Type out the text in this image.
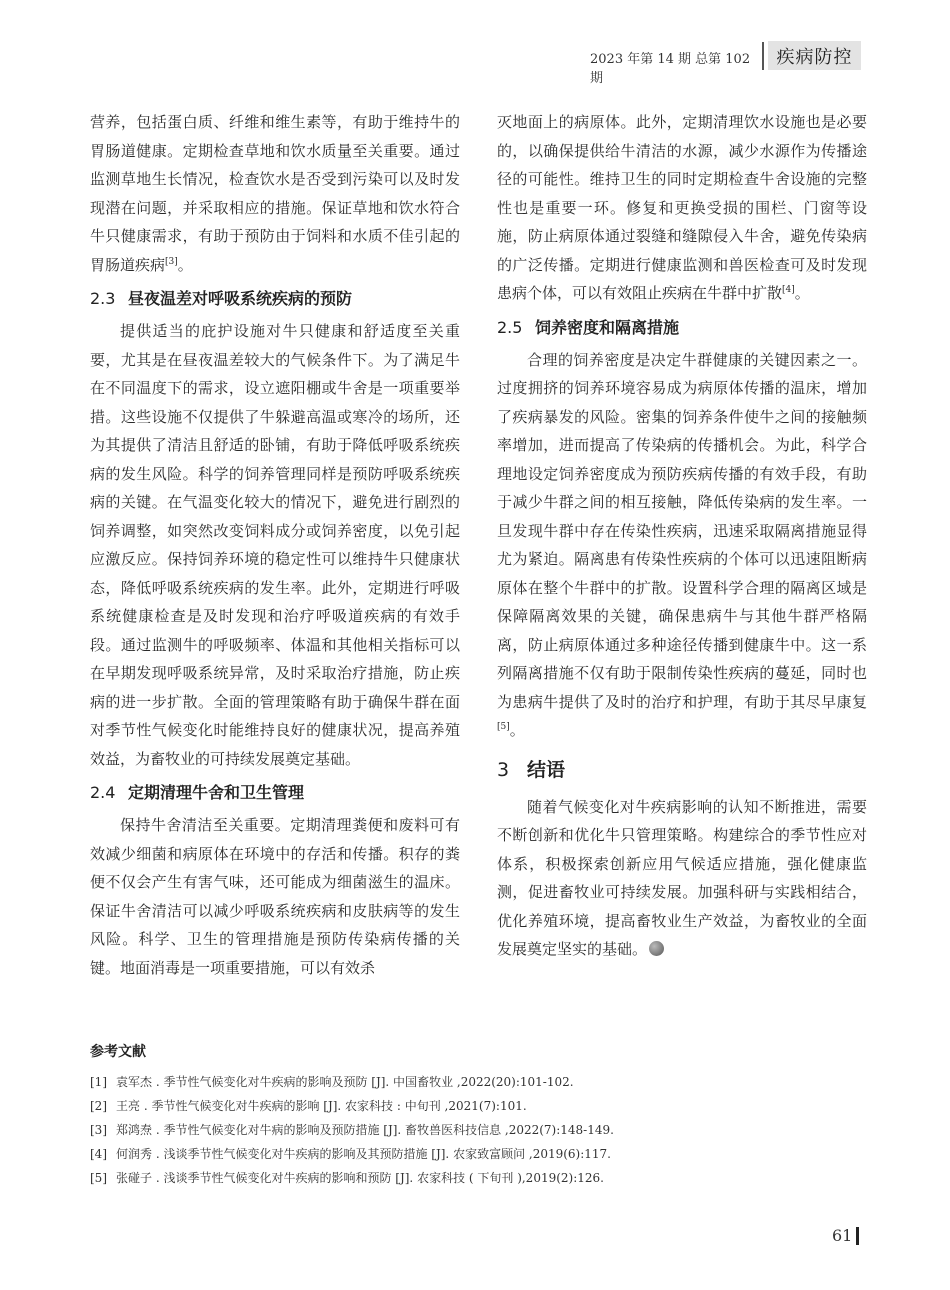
2023 年第 14 期 总第 102 期
疾病防控

营养，包括蛋白质、纤维和维生素等，有助于维持牛的胃肠道健康。定期检查草地和饮水质量至关重要。通过监测草地生长情况，检查饮水是否受到污染可以及时发现潜在问题，并采取相应的措施。保证草地和饮水符合牛只健康需求，有助于预防由于饲料和水质不佳引起的胃肠道疾病[3]。

2.3 昼夜温差对呼吸系统疾病的预防

提供适当的庇护设施对牛只健康和舒适度至关重要，尤其是在昼夜温差较大的气候条件下。为了满足牛在不同温度下的需求，设立遮阳棚或牛舍是一项重要举措。这些设施不仅提供了牛躲避高温或寒冷的场所，还为其提供了清洁且舒适的卧铺，有助于降低呼吸系统疾病的发生风险。科学的饲养管理同样是预防呼吸系统疾病的关键。在气温变化较大的情况下，避免进行剧烈的饲养调整，如突然改变饲料成分或饲养密度，以免引起应激反应。保持饲养环境的稳定性可以维持牛只健康状态，降低呼吸系统疾病的发生率。此外，定期进行呼吸系统健康检查是及时发现和治疗呼吸道疾病的有效手段。通过监测牛的呼吸频率、体温和其他相关指标可以在早期发现呼吸系统异常，及时采取治疗措施，防止疾病的进一步扩散。全面的管理策略有助于确保牛群在面对季节性气候变化时能维持良好的健康状况，提高养殖效益，为畜牧业的可持续发展奠定基础。

2.4 定期清理牛舍和卫生管理

保持牛舍清洁至关重要。定期清理粪便和废料可有效减少细菌和病原体在环境中的存活和传播。积存的粪便不仅会产生有害气味，还可能成为细菌滋生的温床。保证牛舍清洁可以减少呼吸系统疾病和皮肤病等的发生风险。科学、卫生的管理措施是预防传染病传播的关键。地面消毒是一项重要措施，可以有效杀

灭地面上的病原体。此外，定期清理饮水设施也是必要的，以确保提供给牛清洁的水源，减少水源作为传播途径的可能性。维持卫生的同时定期检查牛舍设施的完整性也是重要一环。修复和更换受损的围栏、门窗等设施，防止病原体通过裂缝和缝隙侵入牛舍，避免传染病的广泛传播。定期进行健康监测和兽医检查可及时发现患病个体，可以有效阻止疾病在牛群中扩散[4]。

2.5 饲养密度和隔离措施

合理的饲养密度是决定牛群健康的关键因素之一。过度拥挤的饲养环境容易成为病原体传播的温床，增加了疾病暴发的风险。密集的饲养条件使牛之间的接触频率增加，进而提高了传染病的传播机会。为此，科学合理地设定饲养密度成为预防疾病传播的有效手段，有助于减少牛群之间的相互接触，降低传染病的发生率。一旦发现牛群中存在传染性疾病，迅速采取隔离措施显得尤为紧迫。隔离患有传染性疾病的个体可以迅速阻断病原体在整个牛群中的扩散。设置科学合理的隔离区域是保障隔离效果的关键，确保患病牛与其他牛群严格隔离，防止病原体通过多种途径传播到健康牛中。这一系列隔离措施不仅有助于限制传染性疾病的蔓延，同时也为患病牛提供了及时的治疗和护理，有助于其尽早康复[5]。

3 结语

随着气候变化对牛疾病影响的认知不断推进，需要不断创新和优化牛只管理策略。构建综合的季节性应对体系，积极探索创新应用气候适应措施，强化健康监测，促进畜牧业可持续发展。加强科研与实践相结合，优化养殖环境，提高畜牧业生产效益，为畜牧业的全面发展奠定坚实的基础。

参考文献
[1] 袁军杰 . 季节性气候变化对牛疾病的影响及预防 [J]. 中国畜牧业 ,2022(20):101-102.
[2] 王亮 . 季节性气候变化对牛疾病的影响 [J]. 农家科技 : 中旬刊 ,2021(7):101.
[3] 郑鸿焘 . 季节性气候变化对牛病的影响及预防措施 [J]. 畜牧兽医科技信息 ,2022(7):148-149.
[4] 何润秀 . 浅谈季节性气候变化对牛疾病的影响及其预防措施 [J]. 农家致富顾问 ,2019(6):117.
[5] 张碰子 . 浅谈季节性气候变化对牛疾病的影响和预防 [J]. 农家科技 ( 下旬刊 ),2019(2):126.
61
